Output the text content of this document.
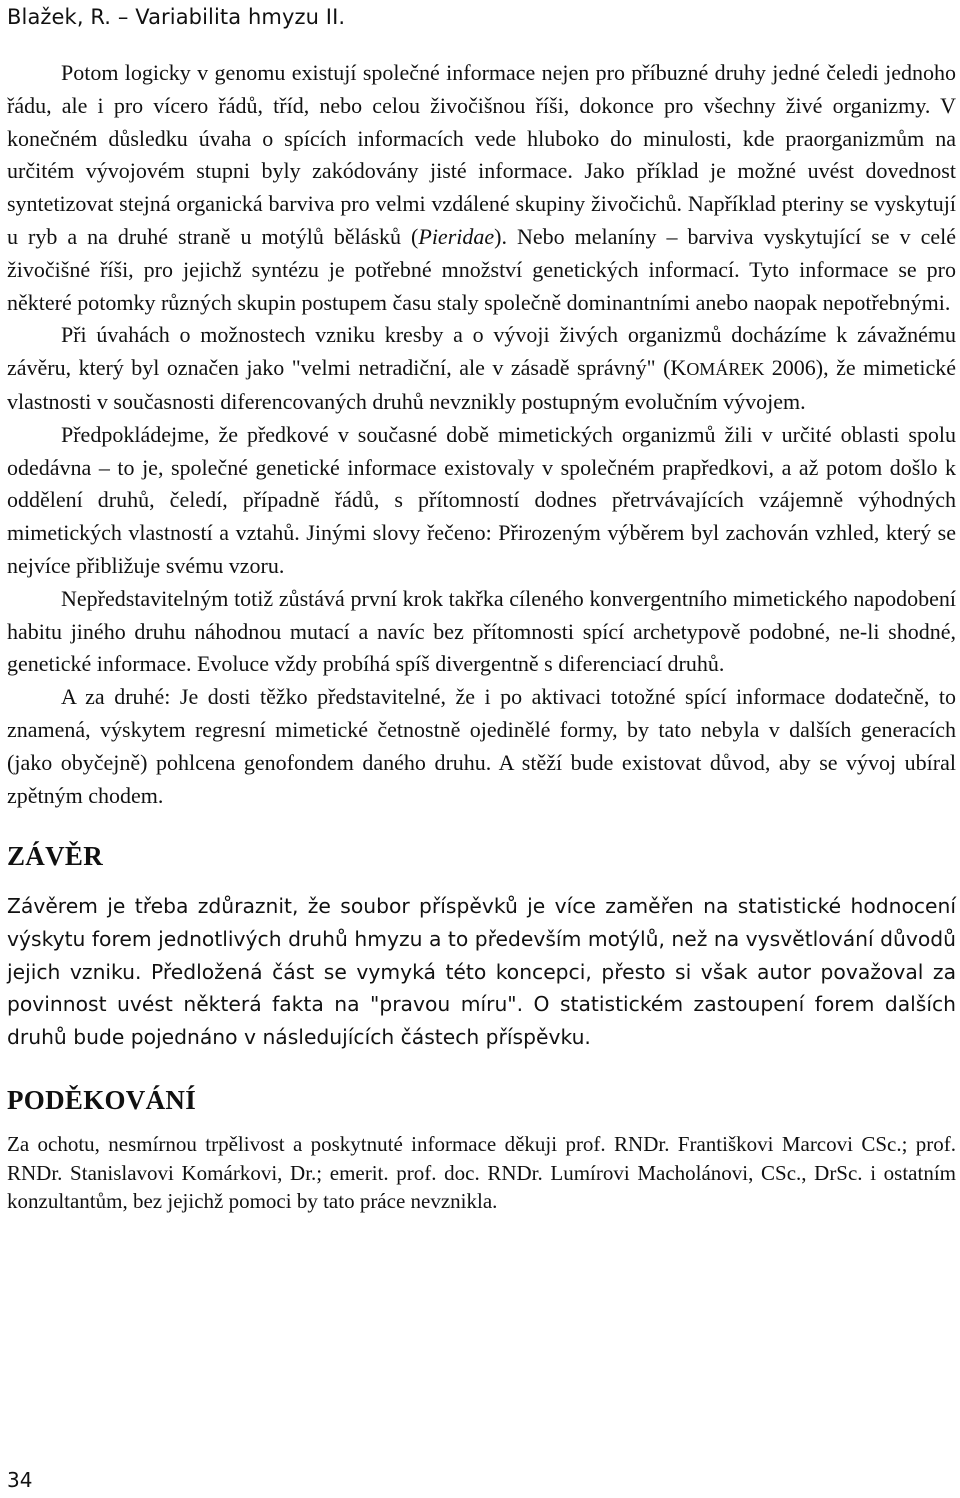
Blažek, R. – Variabilita hmyzu II.

Potom logicky v genomu existují společné informace nejen pro příbuzné druhy jedné čeledi jednoho řádu, ale i pro vícero řádů, tříd, nebo celou živočišnou říši, dokonce pro všechny živé organizmy. V konečném důsledku úvaha o spících informacích vede hluboko do minulosti, kde praorganizmům na určitém vývojovém stupni byly zakódovány jisté informace. Jako příklad je možné uvést dovednost syntetizovat stejná organická barviva pro velmi vzdálené skupiny živočichů. Například pteriny se vyskytují u ryb a na druhé straně u motýlů bělásků (Pieridae). Nebo melaníny – barviva vyskytující se v celé živočišné říši, pro jejichž syntézu je potřebné množství genetických informací. Tyto informace se pro některé potomky různých skupin postupem času staly společně dominantními anebo naopak nepotřebnými.

Při úvahách o možnostech vzniku kresby a o vývoji živých organizmů docházíme k závažnému závěru, který byl označen jako "velmi netradiční, ale v zásadě správný" (KOMÁREK 2006), že mimetické vlastnosti v současnosti diferencovaných druhů nevznikly postupným evolučním vývojem.

Předpokládejme, že předkové v současné době mimetických organizmů žili v určité oblasti spolu odedávna – to je, společné genetické informace existovaly v společném prapředkovi, a až potom došlo k oddělení druhů, čeledí, případně řádů, s přítomností dodnes přetrvávajících vzájemně výhodných mimetických vlastností a vztahů. Jinými slovy řečeno: Přirozeným výběrem byl zachován vzhled, který se nejvíce přibližuje svému vzoru.

Nepředstavitelným totiž zůstává první krok takřka cíleného konvergentního mimetického napodobení habitu jiného druhu náhodnou mutací a navíc bez přítomnosti spící archetypově podobné, ne-li shodné, genetické informace. Evoluce vždy probíhá spíš divergentně s diferenciací druhů.

A za druhé: Je dosti těžko představitelné, že i po aktivaci totožné spící informace dodatečně, to znamená, výskytem regresní mimetické četnostně ojedinělé formy, by tato nebyla v dalších generacích (jako obyčejně) pohlcena genofondem daného druhu. A stěží bude existovat důvod, aby se vývoj ubíral zpětným chodem.

ZÁVĚR

Závěrem je třeba zdůraznit, že soubor příspěvků je více zaměřen na statistické hodnocení výskytu forem jednotlivých druhů hmyzu a to především motýlů, než na vysvětlování důvodů jejich vzniku. Předložená část se vymyká této koncepci, přesto si však autor považoval za povinnost uvést některá fakta na "pravou míru". O statistickém zastoupení forem dalších druhů bude pojednáno v následujících částech příspěvku.

PODĚKOVÁNÍ

Za ochotu, nesmírnou trpělivost a poskytnuté informace děkuji prof. RNDr. Františkovi Marcovi CSc.; prof. RNDr. Stanislavovi Komárkovi, Dr.; emerit. prof. doc. RNDr. Lumírovi Macholánovi, CSc., DrSc. i ostatním konzultantům, bez jejichž pomoci by tato práce nevznikla.

34
